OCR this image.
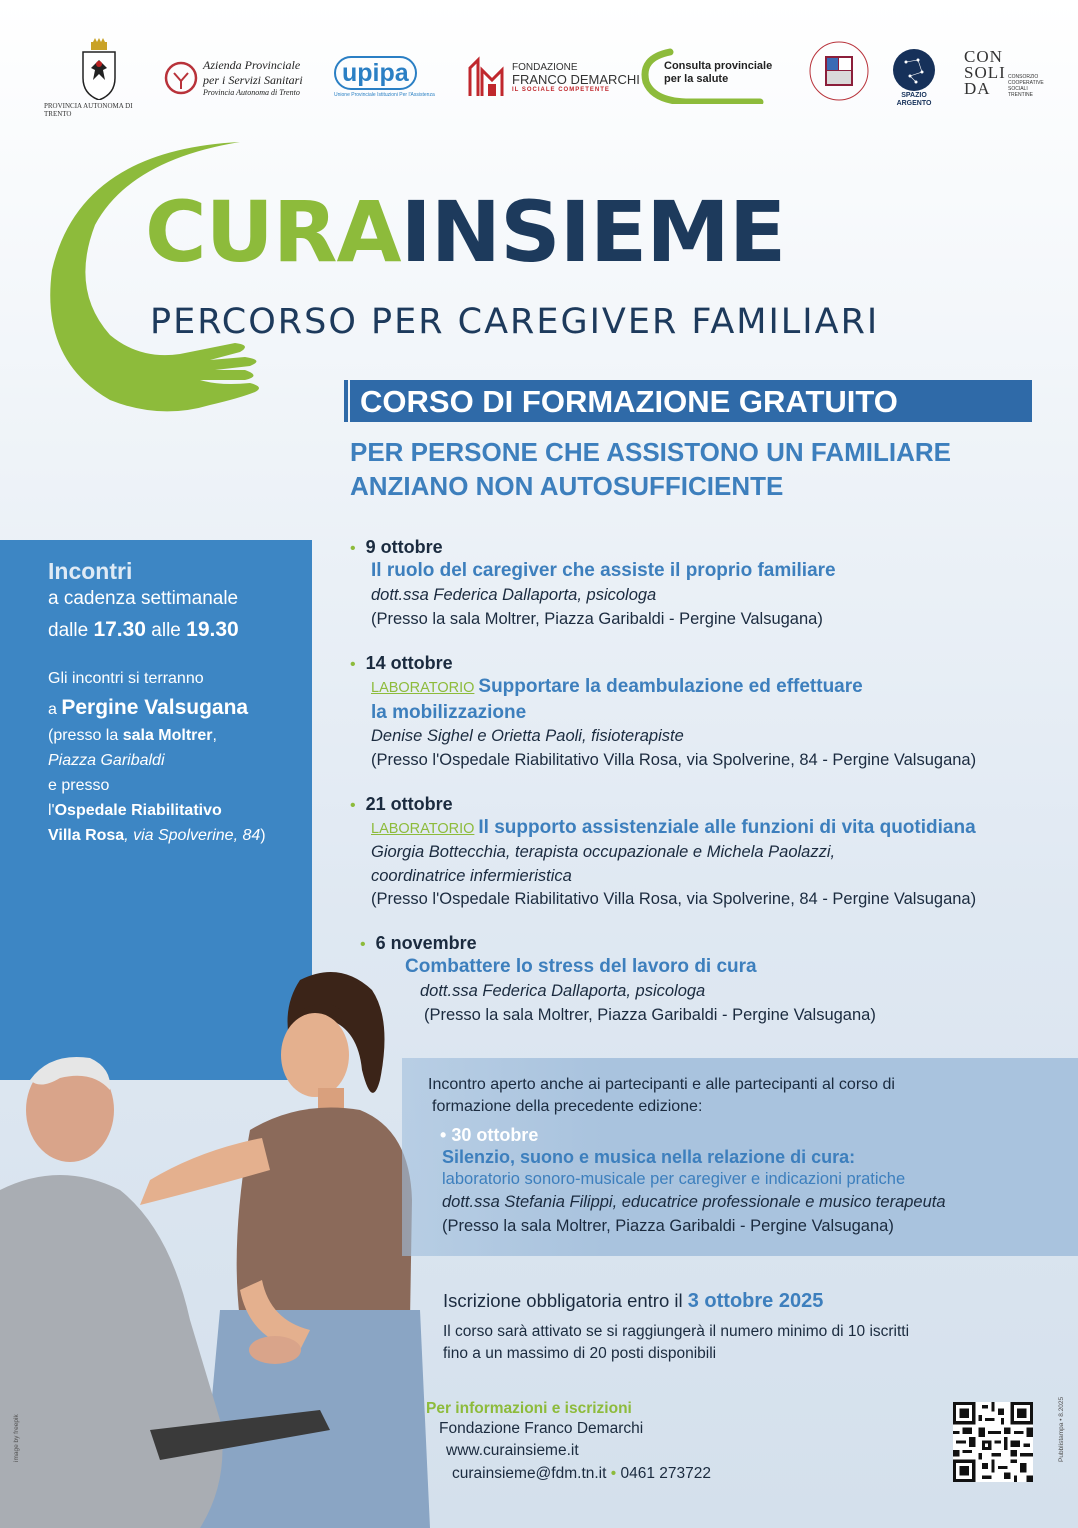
PROVINCIA AUTONOMA DI TRENTO
Azienda Provinciale
per i Servizi Sanitari
Provincia Autonoma di Trento
upipa
Unione Provinciale Istituzioni Per l'Assistenza
FONDAZIONE
FRANCO DEMARCHI
IL SOCIALE COMPETENTE
Consulta provinciale
per la salute
SPAZIO
ARGENTO
CONSOLIDA
CONSORZIO COOPERATIVE SOCIALI TRENTINE
CURAINSIEME
PERCORSO PER CAREGIVER FAMILIARI
CORSO DI FORMAZIONE GRATUITO
PER PERSONE CHE ASSISTONO UN FAMILIARE
ANZIANO NON AUTOSUFFICIENTE
Incontri
a cadenza settimanale
dalle 17.30 alle 19.30
Gli incontri si terranno
a Pergine Valsugana
(presso la sala Moltrer,
Piazza Garibaldi
e presso
l'Ospedale Riabilitativo
Villa Rosa, via Spolverine, 84)
• 9 ottobre
Il ruolo del caregiver che assiste il proprio familiare
dott.ssa Federica Dallaporta, psicologa
(Presso la sala Moltrer, Piazza Garibaldi - Pergine Valsugana)
• 14 ottobre
LABORATORIO Supportare la deambulazione ed effettuare
la mobilizzazione
Denise Sighel e Orietta Paoli, fisioterapiste
(Presso l'Ospedale Riabilitativo Villa Rosa, via Spolverine, 84 - Pergine Valsugana)
• 21 ottobre
LABORATORIO Il supporto assistenziale alle funzioni di vita quotidiana
Giorgia Bottecchia, terapista occupazionale e Michela Paolazzi,
coordinatrice infermieristica
(Presso l'Ospedale Riabilitativo Villa Rosa, via Spolverine, 84 - Pergine Valsugana)
• 6 novembre
Combattere lo stress del lavoro di cura
dott.ssa Federica Dallaporta, psicologa
(Presso la sala Moltrer, Piazza Garibaldi - Pergine Valsugana)
Incontro aperto anche ai partecipanti e alle partecipanti al corso di
formazione della precedente edizione:
• 30 ottobre
Silenzio, suono e musica nella relazione di cura:
laboratorio sonoro-musicale per caregiver e indicazioni pratiche
dott.ssa Stefania Filippi, educatrice professionale e musico terapeuta
(Presso la sala Moltrer, Piazza Garibaldi - Pergine Valsugana)
Iscrizione obbligatoria entro il 3 ottobre 2025
Il corso sarà attivato se si raggiungerà il numero minimo di 10 iscritti
fino a un massimo di 20 posti disponibili
Per informazioni e iscrizioni
Fondazione Franco Demarchi
www.curainsieme.it
curainsieme@fdm.tn.it • 0461 273722
image by freepik	Pubblistampa • 8.2025
